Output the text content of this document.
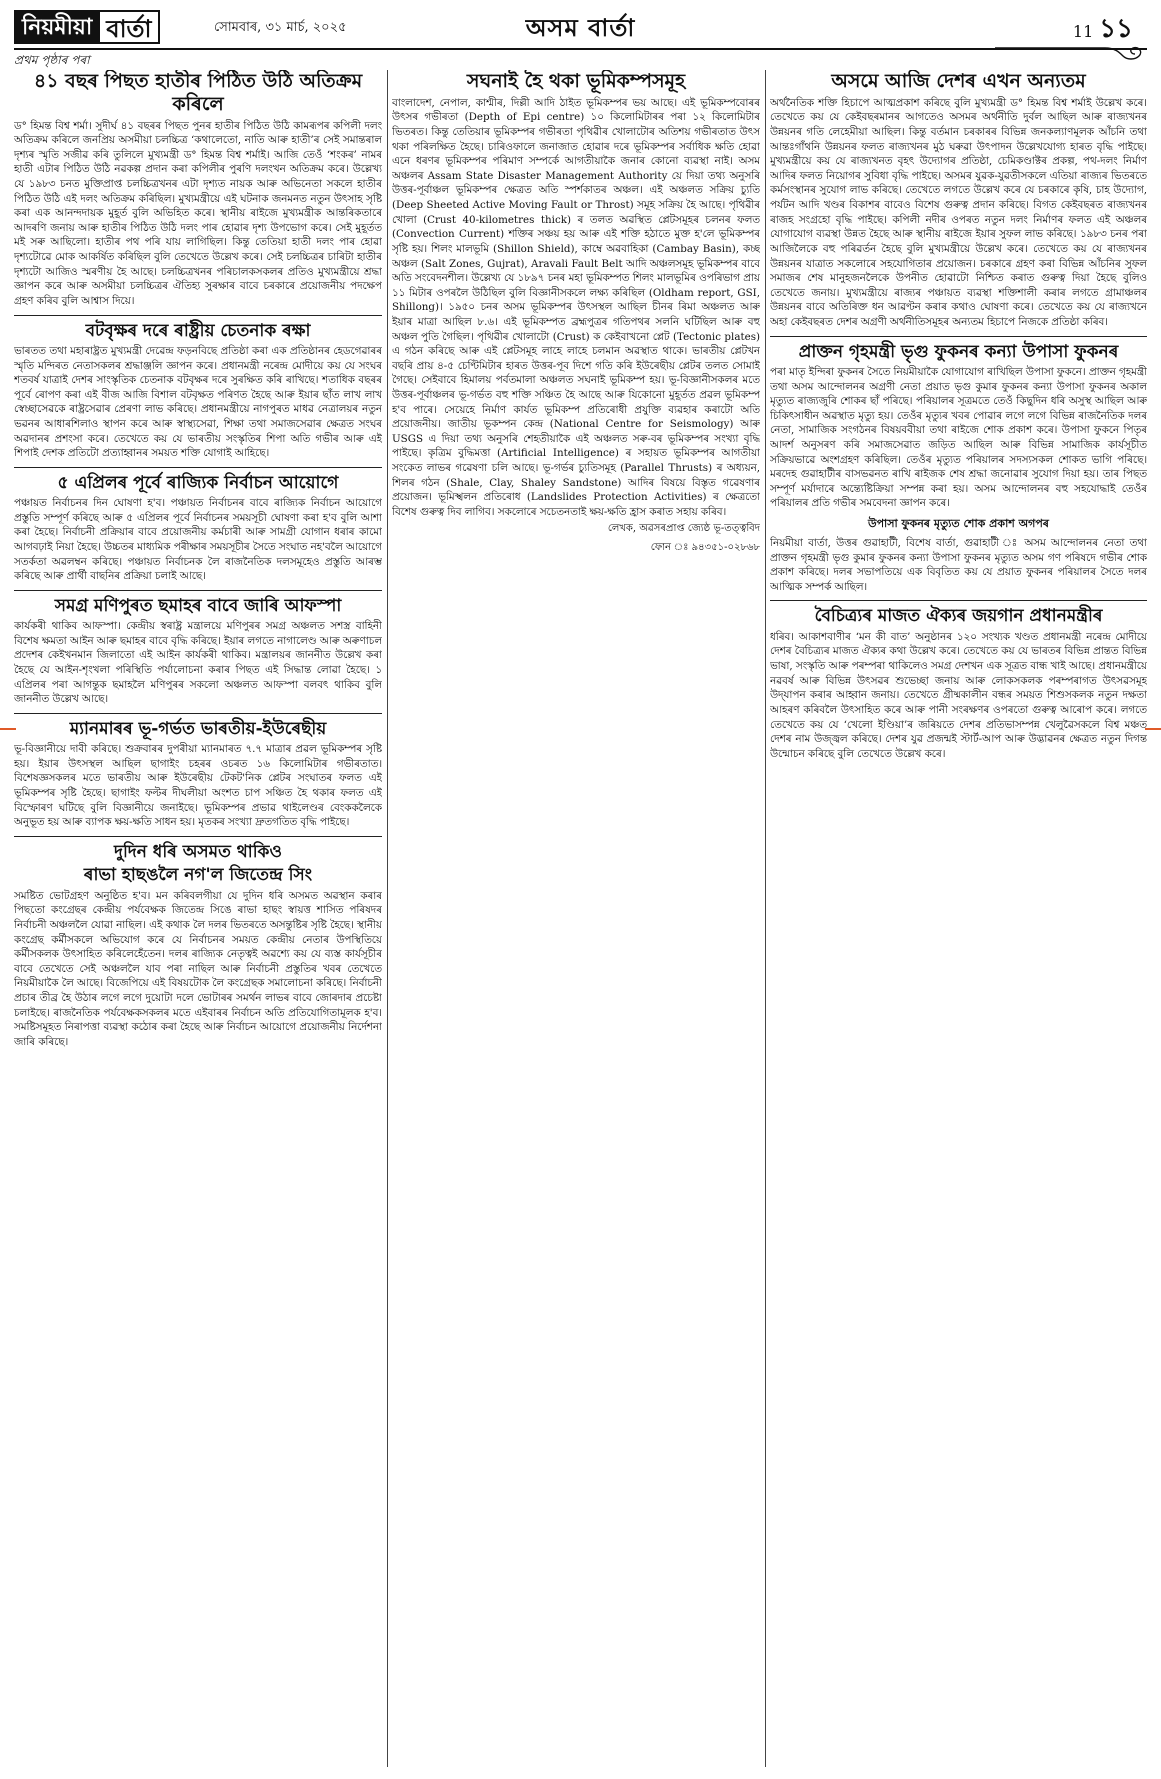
নিয়মীয়া বাৰ্তা	সোমবাৰ, ৩১ মাৰ্চ, ২০২৫	অসম বাৰ্তা	11 ১১
প্ৰথম পৃষ্ঠাৰ পৰা
৪১ বছৰ পিছত হাতীৰ পিঠিত উঠি অতিক্ৰম কৰিলে

ড° হিমন্ত বিশ্ব শৰ্মা। সুদীৰ্ঘ ৪১ বছৰৰ পিছত পুনৰ হাতীৰ পিঠিত উঠি কামৰূপৰ কপিলী দলং অতিক্ৰম কৰিলে জনপ্ৰিয় অসমীয়া চলচ্চিত্ৰ ‘কথালেতো, নাতি আৰু হাতী’ৰ সেই সমান্তৰাল দৃশ্যৰ স্মৃতি সজীৱ কৰি তুলিলে মুখ্যমন্ত্ৰী ড° হিমন্ত বিশ্ব শৰ্মাই। আজি তেওঁ ‘শংকৰ’ নামৰ হাতী এটাৰ পিঠিত উঠি নৱকল্প প্ৰদান কৰা কপিলীৰ পুৰণি দলংখন অতিক্ৰম কৰে। উল্লেখ্য যে ১৯৮৩ চনত মুক্তিপ্ৰাপ্ত চলচ্চিত্ৰখনৰ এটা দৃশ্যত নায়ক আৰু অভিনেতা সকলে হাতীৰ পিঠিত উঠি এই দলং অতিক্ৰম কৰিছিল। মুখ্যমন্ত্ৰীয়ে এই ঘটনাক জনমনত নতুন উৎসাহ সৃষ্টি কৰা এক আনন্দদায়ক মুহূৰ্ত বুলি অভিহিত কৰে। স্থানীয় ৰাইজে মুখ্যমন্ত্ৰীক আন্তৰিকতাৰে আদৰণি জনায় আৰু হাতীৰ পিঠিত উঠি দলং পাৰ হোৱাৰ দৃশ্য উপভোগ কৰে। সেই মুহূৰ্তত মই সৰু আছিলো। হাতীৰ পথ পৰি যায় লাগিছিল। কিন্তু তেতিয়া হাতী দলং পাৰ হোৱা দৃশ্যটোৱে মোক আকৰ্ষিত কৰিছিল বুলি তেখেতে উল্লেখ কৰে। সেই চলচ্চিত্ৰৰ চাৰিটা হাতীৰ দৃশ্যটো আজিও স্মৰণীয় হৈ আছে। চলচ্চিত্ৰখনৰ পৰিচালকসকলৰ প্ৰতিও মুখ্যমন্ত্ৰীয়ে শ্ৰদ্ধা জ্ঞাপন কৰে আৰু অসমীয়া চলচ্চিত্ৰৰ ঐতিহ্য সুৰক্ষাৰ বাবে চৰকাৰে প্ৰয়োজনীয় পদক্ষেপ গ্ৰহণ কৰিব বুলি আশ্বাস দিয়ে।

বটবৃক্ষৰ দৰে ৰাষ্ট্ৰীয় চেতনাক ৰক্ষা

ভাৰতত তথা মহাৰাষ্ট্ৰত মুখ্যমন্ত্ৰী দেৱেন্দ্ৰ ফড়নবিছে প্ৰতিষ্ঠা কৰা এক প্ৰতিষ্ঠানৰ হেডগেৱাৰৰ স্মৃতি মন্দিৰত নেতাসকলৰ শ্ৰদ্ধাঞ্জলি জ্ঞাপন কৰে। প্ৰধানমন্ত্ৰী নৰেন্দ্ৰ মোদীয়ে কয় যে সংঘৰ শতবৰ্ষ যাত্ৰাই দেশৰ সাংস্কৃতিক চেতনাক বটবৃক্ষৰ দৰে সুৰক্ষিত কৰি ৰাখিছে। শতাধিক বছৰৰ পূৰ্বে ৰোপণ কৰা এই বীজ আজি বিশাল বটবৃক্ষত পৰিণত হৈছে আৰু ইয়াৰ ছাঁত লাখ লাখ স্বেচ্ছাসেৱকে ৰাষ্ট্ৰসেৱাৰ প্ৰেৰণা লাভ কৰিছে। প্ৰধানমন্ত্ৰীয়ে নাগপুৰত মাধৱ নেত্ৰালয়ৰ নতুন ভৱনৰ আধাৰশিলাও স্থাপন কৰে আৰু স্বাস্থ্যসেৱা, শিক্ষা তথা সমাজসেৱাৰ ক্ষেত্ৰত সংঘৰ অৱদানৰ প্ৰশংসা কৰে। তেখেতে কয় যে ভাৰতীয় সংস্কৃতিৰ শিপা অতি গভীৰ আৰু এই শিপাই দেশক প্ৰতিটো প্ৰত্যাহ্বানৰ সময়ত শক্তি যোগাই আহিছে।

৫ এপ্ৰিলৰ পূৰ্বে ৰাজ্যিক নিৰ্বাচন আয়োগে

পঞ্চায়ত নিৰ্বাচনৰ দিন ঘোষণা হ'ব। পঞ্চায়ত নিৰ্বাচনৰ বাবে ৰাজ্যিক নিৰ্বাচন আয়োগে প্ৰস্তুতি সম্পূৰ্ণ কৰিছে আৰু ৫ এপ্ৰিলৰ পূৰ্বে নিৰ্বাচনৰ সময়সূচী ঘোষণা কৰা হ'ব বুলি আশা কৰা হৈছে। নিৰ্বাচনী প্ৰক্ৰিয়াৰ বাবে প্ৰয়োজনীয় কৰ্মচাৰী আৰু সামগ্ৰী যোগান ধৰাৰ কামো আগবঢ়াই নিয়া হৈছে। উচ্চতৰ মাধ্যমিক পৰীক্ষাৰ সময়সূচীৰ সৈতে সংঘাত নহ'বলৈ আয়োগে সতৰ্কতা অৱলম্বন কৰিছে। পঞ্চায়ত নিৰ্বাচনক লৈ ৰাজনৈতিক দলসমূহেও প্ৰস্তুতি আৰম্ভ কৰিছে আৰু প্ৰাৰ্থী বাছনিৰ প্ৰক্ৰিয়া চলাই আছে।

সমগ্ৰ মণিপুৰত ছমাহৰ বাবে জাৰি আফস্পা

কাৰ্যকৰী থাকিব আফস্পা। কেন্দ্ৰীয় স্বৰাষ্ট্ৰ মন্ত্ৰালয়ে মণিপুৰৰ সমগ্ৰ অঞ্চলত সশস্ত্ৰ বাহিনী বিশেষ ক্ষমতা আইন আৰু ছমাহৰ বাবে বৃদ্ধি কৰিছে। ইয়াৰ লগতে নাগালেণ্ড আৰু অৰুণাচল প্ৰদেশৰ কেইখনমান জিলাতো এই আইন কাৰ্যকৰী থাকিব। মন্ত্ৰালয়ৰ জাননীত উল্লেখ কৰা হৈছে যে আইন-শৃংখলা পৰিস্থিতি পৰ্যালোচনা কৰাৰ পিছত এই সিদ্ধান্ত লোৱা হৈছে। ১ এপ্ৰিলৰ পৰা আগন্তুক ছমাহলৈ মণিপুৰৰ সকলো অঞ্চলত আফস্পা বলবৎ থাকিব বুলি জাননীত উল্লেখ আছে।

ম্যানমাৰৰ ভূ-গৰ্ভত ভাৰতীয়-ইউৰেছীয়

ভূ-বিজ্ঞানীয়ে দাবী কৰিছে। শুক্ৰবাৰৰ দুপৰীয়া ম্যানমাৰত ৭.৭ মাত্ৰাৰ প্ৰৱল ভূমিকম্পৰ সৃষ্টি হয়। ইয়াৰ উৎসস্থল আছিল ছাগাইং চহৰৰ ওচৰত ১৬ কিলোমিটাৰ গভীৰতাত। বিশেষজ্ঞসকলৰ মতে ভাৰতীয় আৰু ইউৰেছীয় টেকট'নিক প্লেটৰ সংঘাতৰ ফলত এই ভূমিকম্পৰ সৃষ্টি হৈছে। ছাগাইং ফল্টৰ দীঘলীয়া অংশত চাপ সঞ্চিত হৈ থকাৰ ফলত এই বিস্ফোৰণ ঘটিছে বুলি বিজ্ঞানীয়ে জনাইছে। ভূমিকম্পৰ প্ৰভাৱ থাইলেণ্ডৰ বেংককলৈকে অনুভূত হয় আৰু ব্যাপক ক্ষয়-ক্ষতি সাধন হয়। মৃতকৰ সংখ্যা দ্ৰুতগতিত বৃদ্ধি পাইছে।

দুদিন ধৰি অসমত থাকিও
ৰাভা হাছঙলৈ নগ'ল জিতেন্দ্ৰ সিং

সমষ্টিত ভোটগ্ৰহণ অনুষ্ঠিত হ'ব। মন কৰিবলগীয়া যে দুদিন ধৰি অসমত অৱস্থান কৰাৰ পিছতো কংগ্ৰেছৰ কেন্দ্ৰীয় পৰ্যবেক্ষক জিতেন্দ্ৰ সিঙে ৰাভা হাছং স্বায়ত্ত শাসিত পৰিষদৰ নিৰ্বাচনী অঞ্চললৈ যোৱা নাছিল। এই কথাক লৈ দলৰ ভিতৰতে অসন্তুষ্টিৰ সৃষ্টি হৈছে। স্থানীয় কংগ্ৰেছ কৰ্মীসকলে অভিযোগ কৰে যে নিৰ্বাচনৰ সময়ত কেন্দ্ৰীয় নেতাৰ উপস্থিতিয়ে কৰ্মীসকলক উৎসাহিত কৰিলেহেঁতেন। দলৰ ৰাজ্যিক নেতৃত্বই অৱশ্যে কয় যে ব্যস্ত কাৰ্যসূচীৰ বাবে তেখেতে সেই অঞ্চললৈ যাব পৰা নাছিল আৰু নিৰ্বাচনী প্ৰস্তুতিৰ খবৰ তেখেতে নিয়মীয়াকৈ লৈ আছে। বিজেপিয়ে এই বিষয়টোক লৈ কংগ্ৰেছক সমালোচনা কৰিছে। নিৰ্বাচনী প্ৰচাৰ তীব্ৰ হৈ উঠাৰ লগে লগে দুয়োটা দলে ভোটাৰৰ সমৰ্থন লাভৰ বাবে জোৰদাৰ প্ৰচেষ্টা চলাইছে। ৰাজনৈতিক পৰ্যবেক্ষকসকলৰ মতে এইবাৰৰ নিৰ্বাচন অতি প্ৰতিযোগিতামূলক হ'ব। সমষ্টিসমূহত নিৰাপত্তা ব্যৱস্থা কঠোৰ কৰা হৈছে আৰু নিৰ্বাচন আয়োগে প্ৰয়োজনীয় নিৰ্দেশনা জাৰি কৰিছে।

সঘনাই হৈ থকা ভূমিকম্পসমূহ

বাংলাদেশ, নেপাল, কাশ্মীৰ, দিল্লী আদি ঠাইত ভূমিকম্পৰ ভয় আছে। এই ভূমিকম্পবোৰৰ উৎসৰ গভীৰতা (Depth of Epi centre) ১০ কিলোমিটাৰৰ পৰা ১২ কিলোমিটাৰ ভিতৰত। কিন্তু তেতিয়াৰ ভূমিকম্পৰ গভীৰতা পৃথিৱীৰ খোলাটোৰ অতিশয় গভীৰতাত উৎস থকা পৰিলক্ষিত হৈছে। চাৰিওফালে জনাজাত হোৱাৰ দৰে ভূমিকম্পৰ সৰ্বাধিক ক্ষতি হোৱা এনে ধৰণৰ ভূমিকম্পৰ পৰিমাণ সম্পৰ্কে আগতীয়াকৈ জনাৰ কোনো ব্যৱস্থা নাই। অসম অঞ্চলৰ Assam State Disaster Management Authority য়ে দিয়া তথ্য অনুসৰি উত্তৰ-পূৰ্বাঞ্চল ভূমিকম্পৰ ক্ষেত্ৰত অতি স্পৰ্শকাতৰ অঞ্চল। এই অঞ্চলত সক্ৰিয় চ্যুতি (Deep Sheeted Active Moving Fault or Throst) সমূহ সক্ৰিয় হৈ আছে। পৃথিৱীৰ খোলা (Crust 40-kilometres thick) ৰ তলত অৱস্থিত প্লেটসমূহৰ চলনৰ ফলত (Convection Current) শক্তিৰ সঞ্চয় হয় আৰু এই শক্তি হঠাতে মুক্ত হ'লে ভূমিকম্পৰ সৃষ্টি হয়। শিলং মালভূমি (Shillon Shield), কাম্বে অৱবাহিকা (Cambay Basin), কচ্ছ অঞ্চল (Salt Zones, Gujrat), Aravali Fault Belt আদি অঞ্চলসমূহ ভূমিকম্পৰ বাবে অতি সংবেদনশীল। উল্লেখ্য যে ১৮৯৭ চনৰ মহা ভূমিকম্পত শিলং মালভূমিৰ ওপৰিভাগ প্ৰায় ১১ মিটাৰ ওপৰলৈ উঠিছিল বুলি বিজ্ঞানীসকলে লক্ষ্য কৰিছিল (Oldham report, GSI, Shillong)। ১৯৫০ চনৰ অসম ভূমিকম্পৰ উৎসস্থল আছিল চীনৰ ৰিমা অঞ্চলত আৰু ইয়াৰ মাত্ৰা আছিল ৮.৬। এই ভূমিকম্পত ব্ৰহ্মপুত্ৰৰ গতিপথৰ সলনি ঘটিছিল আৰু বহু অঞ্চল পুতি গৈছিল। পৃথিৱীৰ খোলাটো (Crust) ক কেইবাখনো প্লেট (Tectonic plates) এ গঠন কৰিছে আৰু এই প্লেটসমূহ লাহে লাহে চলমান অৱস্থাত থাকে। ভাৰতীয় প্লেটখন বছৰি প্ৰায় ৪-৫ চেণ্টিমিটাৰ হাৰত উত্তৰ-পূব দিশে গতি কৰি ইউৰেছীয় প্লেটৰ তলত সোমাই গৈছে। সেইবাবে হিমালয় পৰ্বতমালা অঞ্চলত সঘনাই ভূমিকম্প হয়। ভূ-বিজ্ঞানীসকলৰ মতে উত্তৰ-পূৰ্বাঞ্চলৰ ভূ-গৰ্ভত বহু শক্তি সঞ্চিত হৈ আছে আৰু যিকোনো মুহূৰ্তত প্ৰৱল ভূমিকম্প হ'ব পাৰে। সেয়েহে নিৰ্মাণ কাৰ্যত ভূমিকম্প প্ৰতিৰোধী প্ৰযুক্তি ব্যৱহাৰ কৰাটো অতি প্ৰয়োজনীয়। জাতীয় ভূকম্পন কেন্দ্ৰ (National Centre for Seismology) আৰু USGS এ দিয়া তথ্য অনুসৰি শেহতীয়াকৈ এই অঞ্চলত সৰু-বৰ ভূমিকম্পৰ সংখ্যা বৃদ্ধি পাইছে। কৃত্ৰিম বুদ্ধিমত্তা (Artificial Intelligence) ৰ সহায়ত ভূমিকম্পৰ আগতীয়া সংকেত লাভৰ গৱেষণা চলি আছে। ভূ-গৰ্ভৰ চ্যুতিসমূহ (Parallel Thrusts) ৰ অধ্যয়ন, শিলৰ গঠন (Shale, Clay, Shaley Sandstone) আদিৰ বিষয়ে বিস্তৃত গৱেষণাৰ প্ৰয়োজন। ভূমিস্খলন প্ৰতিৰোধ (Landslides Protection Activities) ৰ ক্ষেত্ৰতো বিশেষ গুৰুত্ব দিব লাগিব। সকলোৰে সচেতনতাই ক্ষয়-ক্ষতি হ্ৰাস কৰাত সহায় কৰিব।

লেখক, অৱসৰপ্ৰাপ্ত জ্যেষ্ঠ ভূ-তত্ত্ববিদ
ফোন ঃ ৯৪৩৫১-০২৮৬৮
অসমে আজি দেশৰ এখন অন্যতম

অৰ্থনৈতিক শক্তি হিচাপে আত্মপ্ৰকাশ কৰিছে বুলি মুখ্যমন্ত্ৰী ড° হিমন্ত বিশ্ব শৰ্মাই উল্লেখ কৰে। তেখেতে কয় যে কেইবছৰমানৰ আগতেও অসমৰ অৰ্থনীতি দুৰ্বল আছিল আৰু ৰাজ্যখনৰ উন্নয়নৰ গতি লেহেমীয়া আছিল। কিন্তু বৰ্তমান চৰকাৰৰ বিভিন্ন জনকল্যাণমূলক আঁচনি তথা আন্তঃগাঁথনি উন্নয়নৰ ফলত ৰাজ্যখনৰ মুঠ ঘৰুৱা উৎপাদন উল্লেখযোগ্য হাৰত বৃদ্ধি পাইছে। মুখ্যমন্ত্ৰীয়ে কয় যে ৰাজ্যখনত বৃহৎ উদ্যোগৰ প্ৰতিষ্ঠা, চেমিকণ্ডাক্টৰ প্ৰকল্প, পথ-দলং নিৰ্মাণ আদিৰ ফলত নিয়োগৰ সুবিধা বৃদ্ধি পাইছে। অসমৰ যুৱক-যুৱতীসকলে এতিয়া ৰাজ্যৰ ভিতৰতে কৰ্মসংস্থানৰ সুযোগ লাভ কৰিছে। তেখেতে লগতে উল্লেখ কৰে যে চৰকাৰে কৃষি, চাহ উদ্যোগ, পৰ্যটন আদি খণ্ডৰ বিকাশৰ বাবেও বিশেষ গুৰুত্ব প্ৰদান কৰিছে। বিগত কেইবছৰত ৰাজ্যখনৰ ৰাজহ সংগ্ৰহো বৃদ্ধি পাইছে। কপিলী নদীৰ ওপৰত নতুন দলং নিৰ্মাণৰ ফলত এই অঞ্চলৰ যোগাযোগ ব্যৱস্থা উন্নত হৈছে আৰু স্থানীয় ৰাইজে ইয়াৰ সুফল লাভ কৰিছে। ১৯৮৩ চনৰ পৰা আজিলৈকে বহু পৰিৱৰ্তন হৈছে বুলি মুখ্যমন্ত্ৰীয়ে উল্লেখ কৰে। তেখেতে কয় যে ৰাজ্যখনৰ উন্নয়নৰ যাত্ৰাত সকলোৰে সহযোগিতাৰ প্ৰয়োজন। চৰকাৰে গ্ৰহণ কৰা বিভিন্ন আঁচনিৰ সুফল সমাজৰ শেষ মানুহজনলৈকে উপনীত হোৱাটো নিশ্চিত কৰাত গুৰুত্ব দিয়া হৈছে বুলিও তেখেতে জনায়। মুখ্যমন্ত্ৰীয়ে ৰাজ্যৰ পঞ্চায়ত ব্যৱস্থা শক্তিশালী কৰাৰ লগতে গ্ৰামাঞ্চলৰ উন্নয়নৰ বাবে অতিৰিক্ত ধন আৱণ্টন কৰাৰ কথাও ঘোষণা কৰে। তেখেতে কয় যে ৰাজ্যখনে অহা কেইবছৰত দেশৰ অগ্ৰণী অৰ্থনীতিসমূহৰ অন্যতম হিচাপে নিজকে প্ৰতিষ্ঠা কৰিব।

প্ৰাক্তন গৃহমন্ত্ৰী ভৃগু ফুকনৰ কন্যা উপাসা ফুকনৰ

পৰা মাতৃ ইন্দিৰা ফুকনৰ সৈতে নিয়মীয়াকৈ যোগাযোগ ৰাখিছিল উপাসা ফুকনে। প্ৰাক্তন গৃহমন্ত্ৰী তথা অসম আন্দোলনৰ অগ্ৰণী নেতা প্ৰয়াত ভৃগু কুমাৰ ফুকনৰ কন্যা উপাসা ফুকনৰ অকাল মৃত্যুত ৰাজ্যজুৰি শোকৰ ছাঁ পৰিছে। পৰিয়ালৰ সূত্ৰমতে তেওঁ কিছুদিন ধৰি অসুস্থ আছিল আৰু চিকিৎসাধীন অৱস্থাত মৃত্যু হয়। তেওঁৰ মৃত্যুৰ খবৰ পোৱাৰ লগে লগে বিভিন্ন ৰাজনৈতিক দলৰ নেতা, সামাজিক সংগঠনৰ বিষয়ববীয়া তথা ৰাইজে শোক প্ৰকাশ কৰে। উপাসা ফুকনে পিতৃৰ আদৰ্শ অনুসৰণ কৰি সমাজসেৱাত জড়িত আছিল আৰু বিভিন্ন সামাজিক কাৰ্যসূচীত সক্ৰিয়ভাৱে অংশগ্ৰহণ কৰিছিল। তেওঁৰ মৃত্যুত পৰিয়ালৰ সদস্যসকল শোকত ভাগি পৰিছে। মৰদেহ গুৱাহাটীৰ বাসভৱনত ৰাখি ৰাইজক শেষ শ্ৰদ্ধা জনোৱাৰ সুযোগ দিয়া হয়। তাৰ পিছত সম্পূৰ্ণ মৰ্যাদাৰে অন্ত্যেষ্টিক্ৰিয়া সম্পন্ন কৰা হয়। অসম আন্দোলনৰ বহু সহযোদ্ধাই তেওঁৰ পৰিয়ালৰ প্ৰতি গভীৰ সমবেদনা জ্ঞাপন কৰে।

উপাসা ফুকনৰ মৃত্যুত শোক প্ৰকাশ অগপৰ

নিয়মীয়া বাৰ্তা, উত্তৰ গুৱাহাটী, বিশেষ বাৰ্তা, গুৱাহাটী ঃ অসম আন্দোলনৰ নেতা তথা প্ৰাক্তন গৃহমন্ত্ৰী ভৃগু কুমাৰ ফুকনৰ কন্যা উপাসা ফুকনৰ মৃত্যুত অসম গণ পৰিষদে গভীৰ শোক প্ৰকাশ কৰিছে। দলৰ সভাপতিয়ে এক বিবৃতিত কয় যে প্ৰয়াত ফুকনৰ পৰিয়ালৰ সৈতে দলৰ আত্মিক সম্পৰ্ক আছিল।

বৈচিত্ৰ্যৰ মাজত ঐক্যৰ জয়গান প্ৰধানমন্ত্ৰীৰ

ধৰিব। আকাশবাণীৰ ‘মন কী বাত’ অনুষ্ঠানৰ ১২০ সংখ্যক খণ্ডত প্ৰধানমন্ত্ৰী নৰেন্দ্ৰ মোদীয়ে দেশৰ বৈচিত্ৰ্যৰ মাজত ঐক্যৰ কথা উল্লেখ কৰে। তেখেতে কয় যে ভাৰতৰ বিভিন্ন প্ৰান্তত বিভিন্ন ভাষা, সংস্কৃতি আৰু পৰম্পৰা থাকিলেও সমগ্ৰ দেশখন এক সূত্ৰত বান্ধ খাই আছে। প্ৰধানমন্ত্ৰীয়ে নৱবৰ্ষ আৰু বিভিন্ন উৎসৱৰ শুভেচ্ছা জনায় আৰু লোকসকলক পৰম্পৰাগত উৎসৱসমূহ উদ্‌যাপন কৰাৰ আহ্বান জনায়। তেখেতে গ্ৰীষ্মকালীন বন্ধৰ সময়ত শিশুসকলক নতুন দক্ষতা আহৰণ কৰিবলৈ উৎসাহিত কৰে আৰু পানী সংৰক্ষণৰ ওপৰতো গুৰুত্ব আৰোপ কৰে। লগতে তেখেতে কয় যে ‘খেলো ইণ্ডিয়া’ৰ জৰিয়তে দেশৰ প্ৰতিভাসম্পন্ন খেলুৱৈসকলে বিশ্ব মঞ্চত দেশৰ নাম উজ্জ্বল কৰিছে। দেশৰ যুৱ প্ৰজন্মই স্টাৰ্ট-আপ আৰু উদ্ভাৱনৰ ক্ষেত্ৰত নতুন দিগন্ত উন্মোচন কৰিছে বুলি তেখেতে উল্লেখ কৰে।
